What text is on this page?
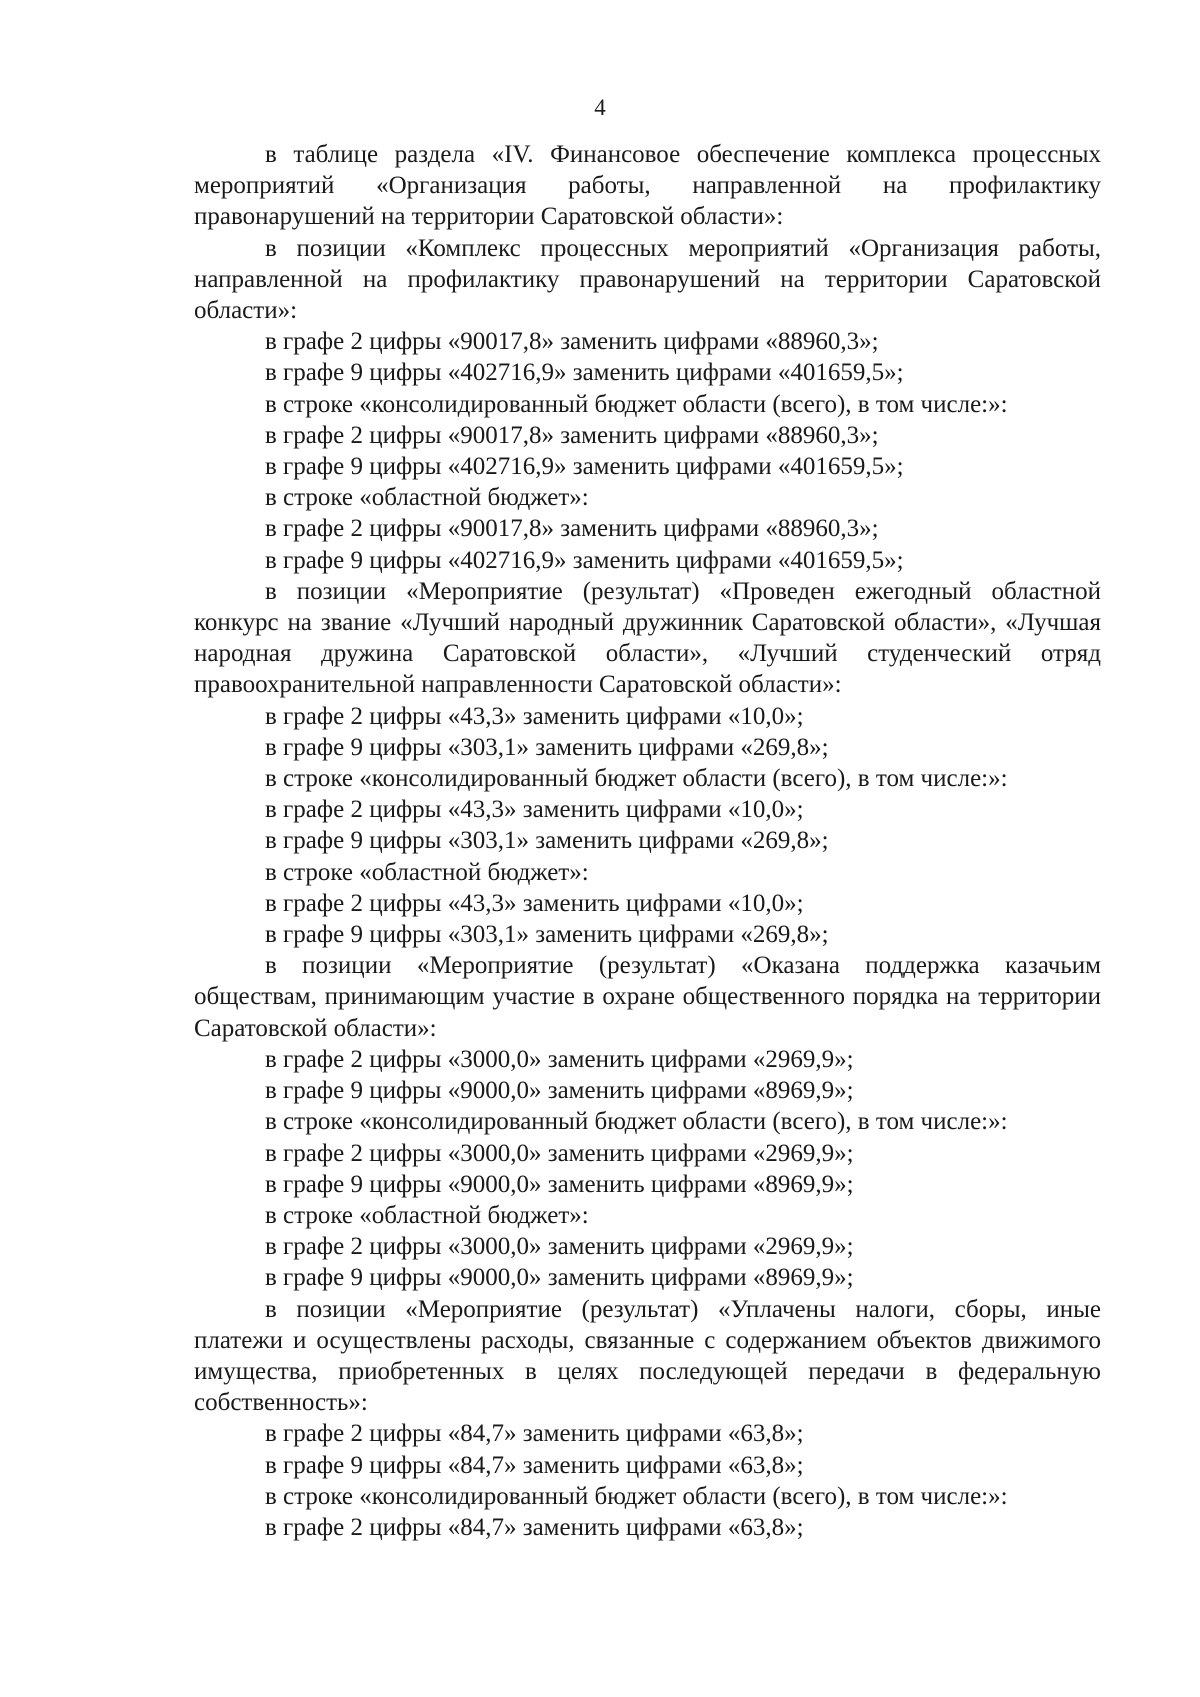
4

в таблице раздела «IV. Финансовое обеспечение комплекса процессных мероприятий «Организация работы, направленной на профилактику правонарушений на территории Саратовской области»:

в позиции «Комплекс процессных мероприятий «Организация работы, направленной на профилактику правонарушений на территории Саратовской области»:

в графе 2 цифры «90017,8» заменить цифрами «88960,3»;

в графе 9 цифры «402716,9» заменить цифрами «401659,5»;

в строке «консолидированный бюджет области (всего), в том числе:»:

в графе 2 цифры «90017,8» заменить цифрами «88960,3»;

в графе 9 цифры «402716,9» заменить цифрами «401659,5»;

в строке «областной бюджет»:

в графе 2 цифры «90017,8» заменить цифрами «88960,3»;

в графе 9 цифры «402716,9» заменить цифрами «401659,5»;

в позиции «Мероприятие (результат) «Проведен ежегодный областной конкурс на звание «Лучший народный дружинник Саратовской области», «Лучшая народная дружина Саратовской области», «Лучший студенческий отряд правоохранительной направленности Саратовской области»:

в графе 2 цифры «43,3» заменить цифрами «10,0»;

в графе 9 цифры «303,1» заменить цифрами «269,8»;

в строке «консолидированный бюджет области (всего), в том числе:»:

в графе 2 цифры «43,3» заменить цифрами «10,0»;

в графе 9 цифры «303,1» заменить цифрами «269,8»;

в строке «областной бюджет»:

в графе 2 цифры «43,3» заменить цифрами «10,0»;

в графе 9 цифры «303,1» заменить цифрами «269,8»;

в позиции «Мероприятие (результат) «Оказана поддержка казачьим обществам, принимающим участие в охране общественного порядка на территории Саратовской области»:

в графе 2 цифры «3000,0» заменить цифрами «2969,9»;

в графе 9 цифры «9000,0» заменить цифрами «8969,9»;

в строке «консолидированный бюджет области (всего), в том числе:»:

в графе 2 цифры «3000,0» заменить цифрами «2969,9»;

в графе 9 цифры «9000,0» заменить цифрами «8969,9»;

в строке «областной бюджет»:

в графе 2 цифры «3000,0» заменить цифрами «2969,9»;

в графе 9 цифры «9000,0» заменить цифрами «8969,9»;

в позиции «Мероприятие (результат) «Уплачены налоги, сборы, иные платежи и осуществлены расходы, связанные с содержанием объектов движимого имущества, приобретенных в целях последующей передачи в федеральную собственность»:

в графе 2 цифры «84,7» заменить цифрами «63,8»;

в графе 9 цифры «84,7» заменить цифрами «63,8»;

в строке «консолидированный бюджет области (всего), в том числе:»:

в графе 2 цифры «84,7» заменить цифрами «63,8»;
